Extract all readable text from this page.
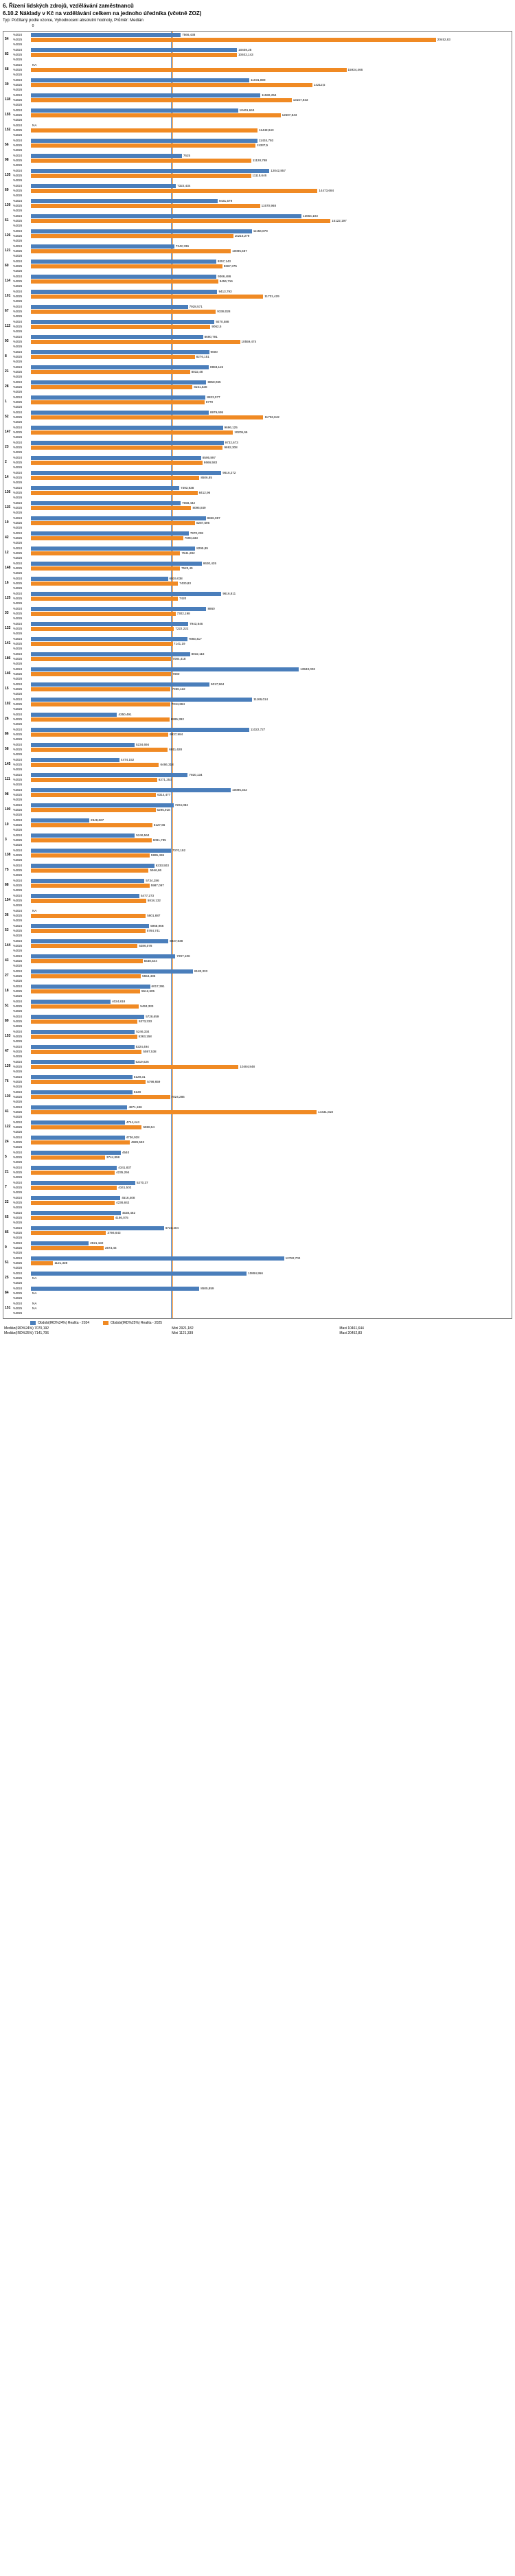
6. Řízení lidských zdrojů, vzdělávání zaměstnanců
6.10.2 Náklady v Kč na vzdělávání celkem na jednoho úředníka (včetně ZOZ)
Typ: Počítaný podle vzorce, Vyhodnocení absolutní hodnoty, Průměr: Medián
0
54
%2024	7566,438
%2025	20452,83
%2026
82
%2024	10408,25
%2025	10402,143
%2026
68
%2024	NA
%2025	15934,466
%2026
39
%2024	11031,899
%2025	14212,5
%2026
118
%2024	11586,254
%2025	13167,933
%2026
155
%2024	10461,644
%2025	12607,843
%2026
152
%2024	NA
%2025	11448,943
%2026
56
%2024	11434,793
%2025	11337,5
%2026
98
%2024	7625
%2025	11128,788
%2026
135
%2024	12042,857
%2025	11115,646
%2026
69
%2024	7322,434
%2025	14473,684
%2026
139
%2024	9431,579
%2025	11570,968
%2026
61
%2024	13664,103
%2025	15122,197
%2026
126
%2024	11156,879
%2025	10216,279
%2026
121
%2024	7242,336
%2025	10095,587
%2026
60
%2024	9357,143
%2025	9667,375
%2026
114
%2024	9366,486
%2025	9456,716
%2026
101
%2024	9413,793
%2025	11731,429
%2026
67
%2024	7928,571
%2025	9338,028
%2026
112
%2024	9270,588
%2025	9062,5
%2026
93
%2024	8690,791
%2025	10559,474
%2026
8
%2024	9000
%2025	8276,151
%2026
21
%2024	8983,122
%2025	8032,48
%2026
28
%2024	8858,065
%2025	8161,538
%2026
1
%2024	8823,077
%2025	8770
%2026
52
%2024	8979,695
%2025	11736,842
%2026
147
%2024	9696,125
%2025	10205,66
%2026
23
%2024	9732,673
%2025	9692,308
%2026
2
%2024	8595,897
%2025	8666,583
%2026
14
%2024	9616,272
%2025	8506,85
%2026
136
%2024	7493,938
%2025	8412,96
%2026
115
%2024	7558,442
%2025	8095,849
%2026
19
%2024	8826,087
%2025	8287,696
%2026
42
%2024	7970,238
%2025	7690,233
%2026
12
%2024	8295,89
%2025	7541,282
%2026
148
%2024	8630,435
%2025	7523,49
%2026
16
%2024	6919,038
%2025	7430,83
%2026
125
%2024	9616,811
%2025	7420
%2026
33
%2024	8860
%2025	7302,198
%2026
132
%2024	7943,846
%2025	7222,222
%2026
141
%2024	7893,417
%2025	7141,19
%2026
186
%2024	8032,118
%2025	7084,418
%2026
146
%2024	13533,003
%2025	7080
%2026
15
%2024	9017,964
%2025	7056,122
%2026
102
%2024	11169,014
%2025	7034,884
%2026
26
%2024	4350,491
%2025	6995,392
%2026
86
%2024	11022,727
%2025	6937,984
%2026
58
%2024	5234,694
%2025	6911,628
%2026
145
%2024	4474,152
%2025	6466,318
%2026
111
%2024	7920,134
%2025	6371,253
%2026
98
%2024	10095,342
%2025	6314,477
%2026
100
%2024	7204,082
%2025	6295,918
%2026
10
%2024	2948,667
%2025	6127,66
%2026
3
%2024	5246,564
%2025	6091,795
%2026
138
%2024	7070,192
%2025	5995,455
%2026
75
%2024	6233,503
%2025	5946,86
%2026
88
%2024	5734,286
%2025	5987,097
%2026
154
%2024	5477,273
%2025	5818,132
%2026
36
%2024	NA
%2025	5801,887
%2026
53
%2024	5968,966
%2025	5784,741
%2026
144
%2024	6937,838
%2025	5386,078
%2026
43
%2024	7297,106
%2025	5638,544
%2026
27
%2024	8183,333
%2025	5554,485
%2026
18
%2024	6017,391
%2025	5512,605
%2026
51
%2024	4024,818
%2025	5453,333
%2026
89
%2024	5728,659
%2025	5373,333
%2026
153
%2024	5246,334
%2025	5363,158
%2026
47
%2024	5224,494
%2025	5597,538
%2026
129
%2024	5219,626
%2025	10484,848
%2026
76
%2024	5129,31
%2025	5798,659
%2026
130
%2024	5128
%2025	7024,286
%2026
41
%2024	4871,186
%2025	14431,818
%2026
122
%2024	4744,444
%2025	5598,54
%2026
24
%2024	4736,928
%2025	4989,593
%2026
5
%2024	4540
%2025	3744,898
%2026
21
%2024	4341,837
%2025	4235,294
%2026
7
%2024	5270,37
%2025	4341,502
%2026
22
%2024	4516,408
%2025	4236,842
%2026
65
%2024	4538,462
%2025	4186,075
%2026
85
%2024	6723,404
%2025	3794,643
%2026
9
%2024	2921,182
%2025	3673,46
%2026
51
%2024	12782,702
%2025	1121,339
%2026
25
%2024	10894,956
%2025	NA
%2026
84
%2024	8505,859
%2025	NA
%2026
151
%2024	NA
%2025	NA
%2026
Obdobi(IRD%24%) Realita - 2024	Obdobi(IRD%25%) Realita - 2025
Medián(IRD%24%) 7070,192
Medián(IRD%25%) 7141,706
Mini 2921,182
Mini 1121,339
Maxi 10461,644
Maxi 20452,83
